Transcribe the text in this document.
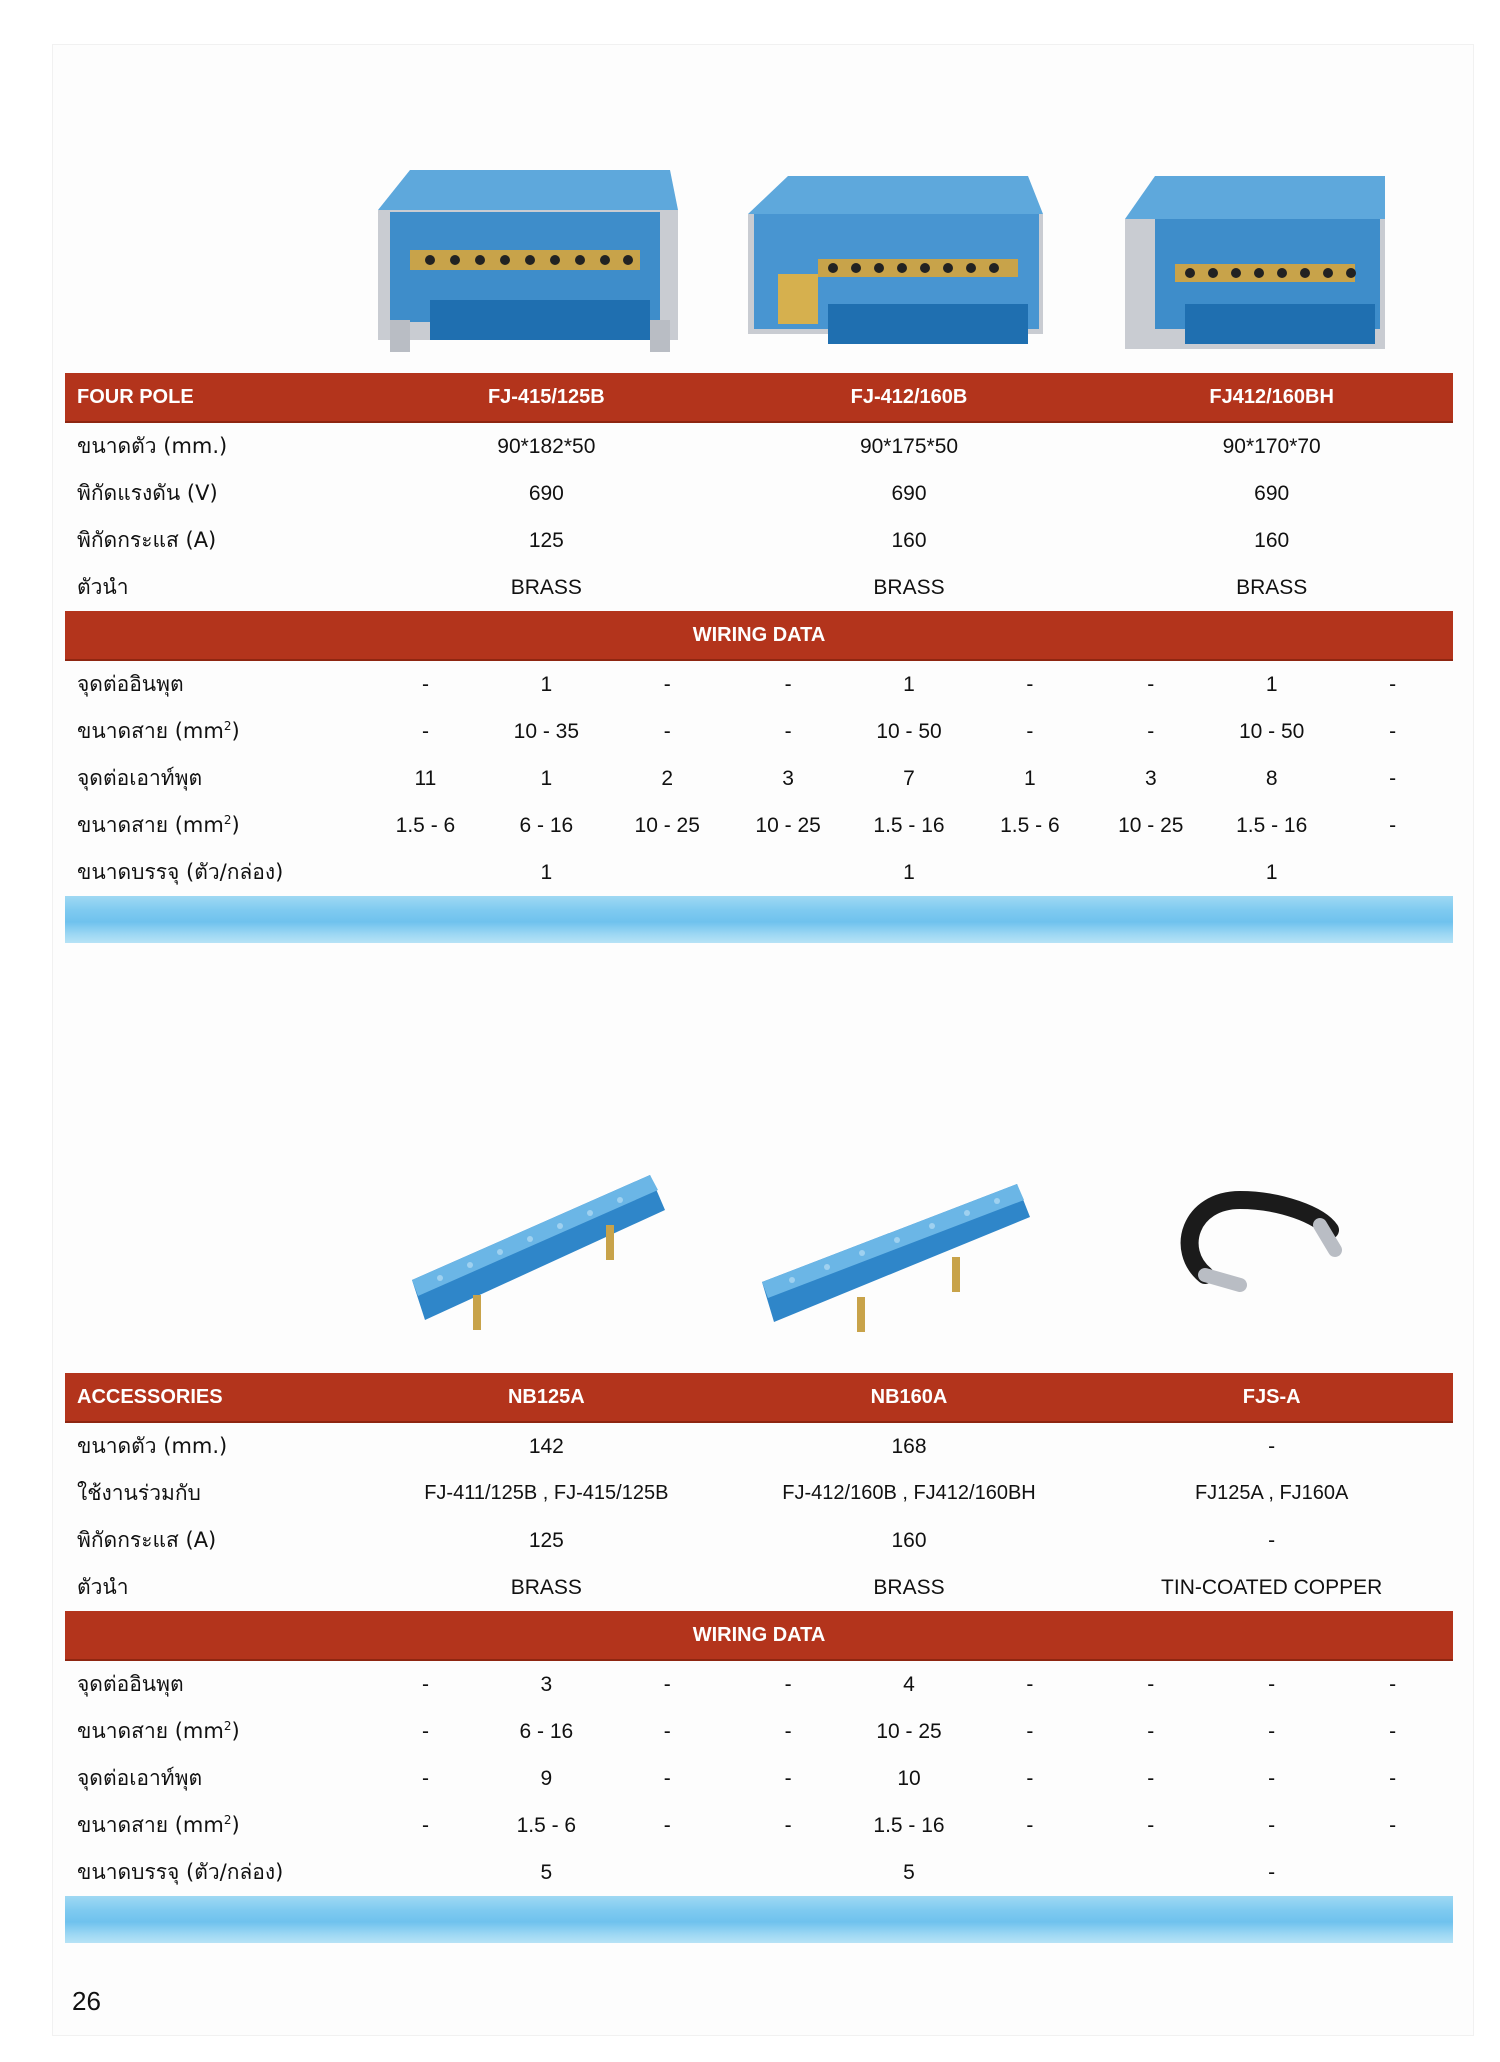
FOUR POLE	FJ-415/125B	FJ-412/160B	FJ412/160BH
ขนาดตัว (mm.)	90*182*50	90*175*50	90*170*70
พิกัดแรงดัน (V)	690	690	690
พิกัดกระแส (A)	125	160	160
ตัวนำ	BRASS	BRASS	BRASS
WIRING DATA
จุดต่ออินพุต	-	1	-	-	1	-	-	1	-
ขนาดสาย $(mm^2)$	-	10 - 35	-	-	10 - 50	-	-	10 - 50	-
จุดต่อเอาท์พุต	11	1	2	3	7	1	3	8	-
ขนาดสาย $(mm^2)$	1.5 - 6	6 - 16	10 - 25	10 - 25	1.5 - 16	1.5 - 6	10 - 25	1.5 - 16	-
ขนาดบรรจุ (ตัว/กล่อง)	1	1	1
ACCESSORIES	NB125A	NB160A	FJS-A
ขนาดตัว (mm.)	142	168	-
ใช้งานร่วมกับ	FJ-411/125B , FJ-415/125B	FJ-412/160B , FJ412/160BH	FJ125A , FJ160A
พิกัดกระแส (A)	125	160	-
ตัวนำ	BRASS	BRASS	TIN-COATED COPPER
WIRING DATA
จุดต่ออินพุต	-	3	-	-	4	-	-	-	-
ขนาดสาย $(mm^2)$	-	6 - 16	-	-	10 - 25	-	-	-	-
จุดต่อเอาท์พุต	-	9	-	-	10	-	-	-	-
ขนาดสาย $(mm^2)$	-	1.5 - 6	-	-	1.5 - 16	-	-	-	-
ขนาดบรรจุ (ตัว/กล่อง)	5	5	-
26
